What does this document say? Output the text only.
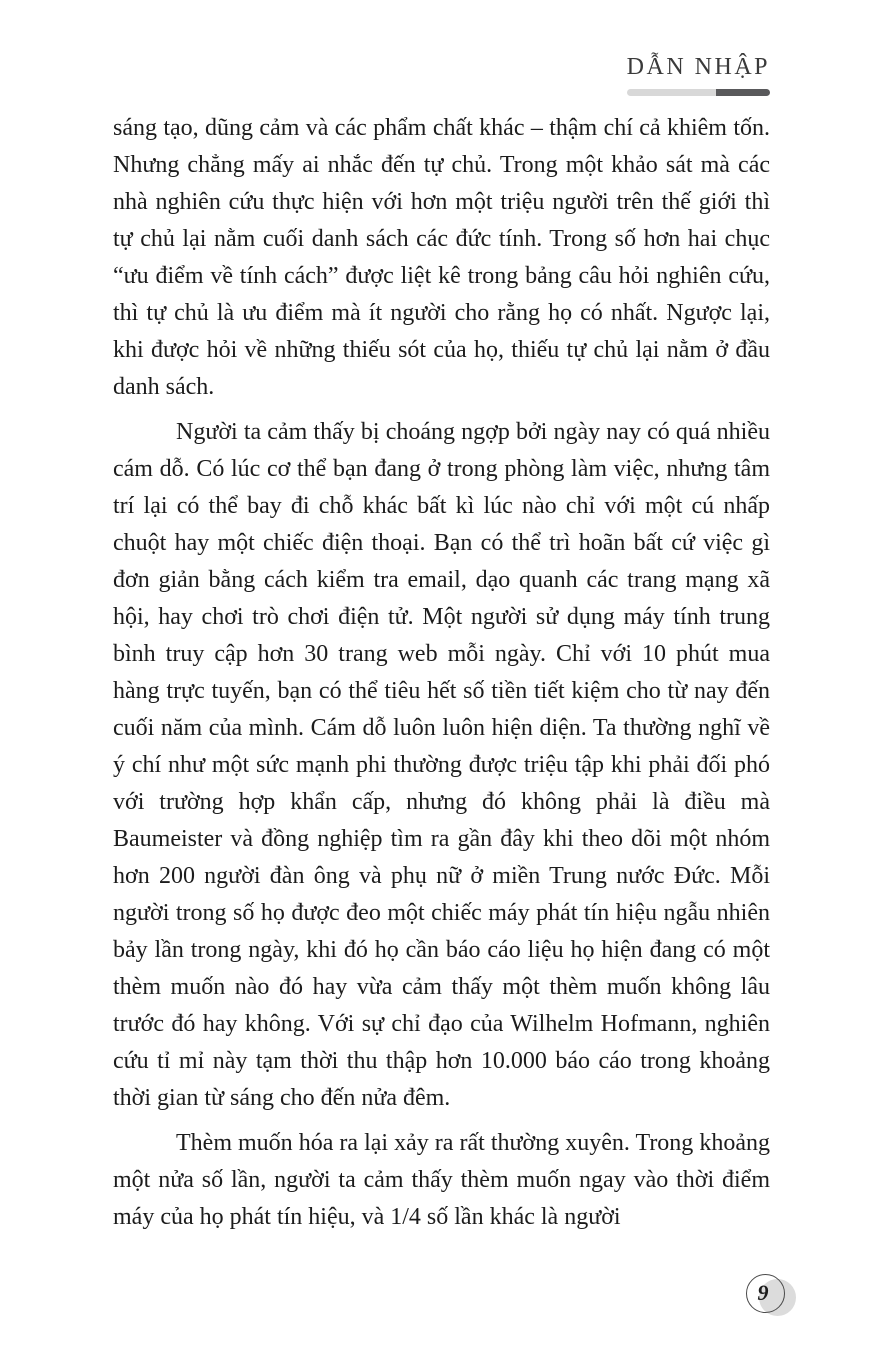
DẪN NHẬP

sáng tạo, dũng cảm và các phẩm chất khác – thậm chí cả khiêm tốn. Nhưng chẳng mấy ai nhắc đến tự chủ. Trong một khảo sát mà các nhà nghiên cứu thực hiện với hơn một triệu người trên thế giới thì tự chủ lại nằm cuối danh sách các đức tính. Trong số hơn hai chục “ưu điểm về tính cách” được liệt kê trong bảng câu hỏi nghiên cứu, thì tự chủ là ưu điểm mà ít người cho rằng họ có nhất. Ngược lại, khi được hỏi về những thiếu sót của họ, thiếu tự chủ lại nằm ở đầu danh sách.

Người ta cảm thấy bị choáng ngợp bởi ngày nay có quá nhiều cám dỗ. Có lúc cơ thể bạn đang ở trong phòng làm việc, nhưng tâm trí lại có thể bay đi chỗ khác bất kì lúc nào chỉ với một cú nhấp chuột hay một chiếc điện thoại. Bạn có thể trì hoãn bất cứ việc gì đơn giản bằng cách kiểm tra email, dạo quanh các trang mạng xã hội, hay chơi trò chơi điện tử. Một người sử dụng máy tính trung bình truy cập hơn 30 trang web mỗi ngày. Chỉ với 10 phút mua hàng trực tuyến, bạn có thể tiêu hết số tiền tiết kiệm cho từ nay đến cuối năm của mình. Cám dỗ luôn luôn hiện diện. Ta thường nghĩ về ý chí như một sức mạnh phi thường được triệu tập khi phải đối phó với trường hợp khẩn cấp, nhưng đó không phải là điều mà Baumeister và đồng nghiệp tìm ra gần đây khi theo dõi một nhóm hơn 200 người đàn ông và phụ nữ ở miền Trung nước Đức. Mỗi người trong số họ được đeo một chiếc máy phát tín hiệu ngẫu nhiên bảy lần trong ngày, khi đó họ cần báo cáo liệu họ hiện đang có một thèm muốn nào đó hay vừa cảm thấy một thèm muốn không lâu trước đó hay không. Với sự chỉ đạo của Wilhelm Hofmann, nghiên cứu tỉ mỉ này tạm thời thu thập hơn 10.000 báo cáo trong khoảng thời gian từ sáng cho đến nửa đêm.

Thèm muốn hóa ra lại xảy ra rất thường xuyên. Trong khoảng một nửa số lần, người ta cảm thấy thèm muốn ngay vào thời điểm máy của họ phát tín hiệu, và 1/4 số lần khác là người

9
